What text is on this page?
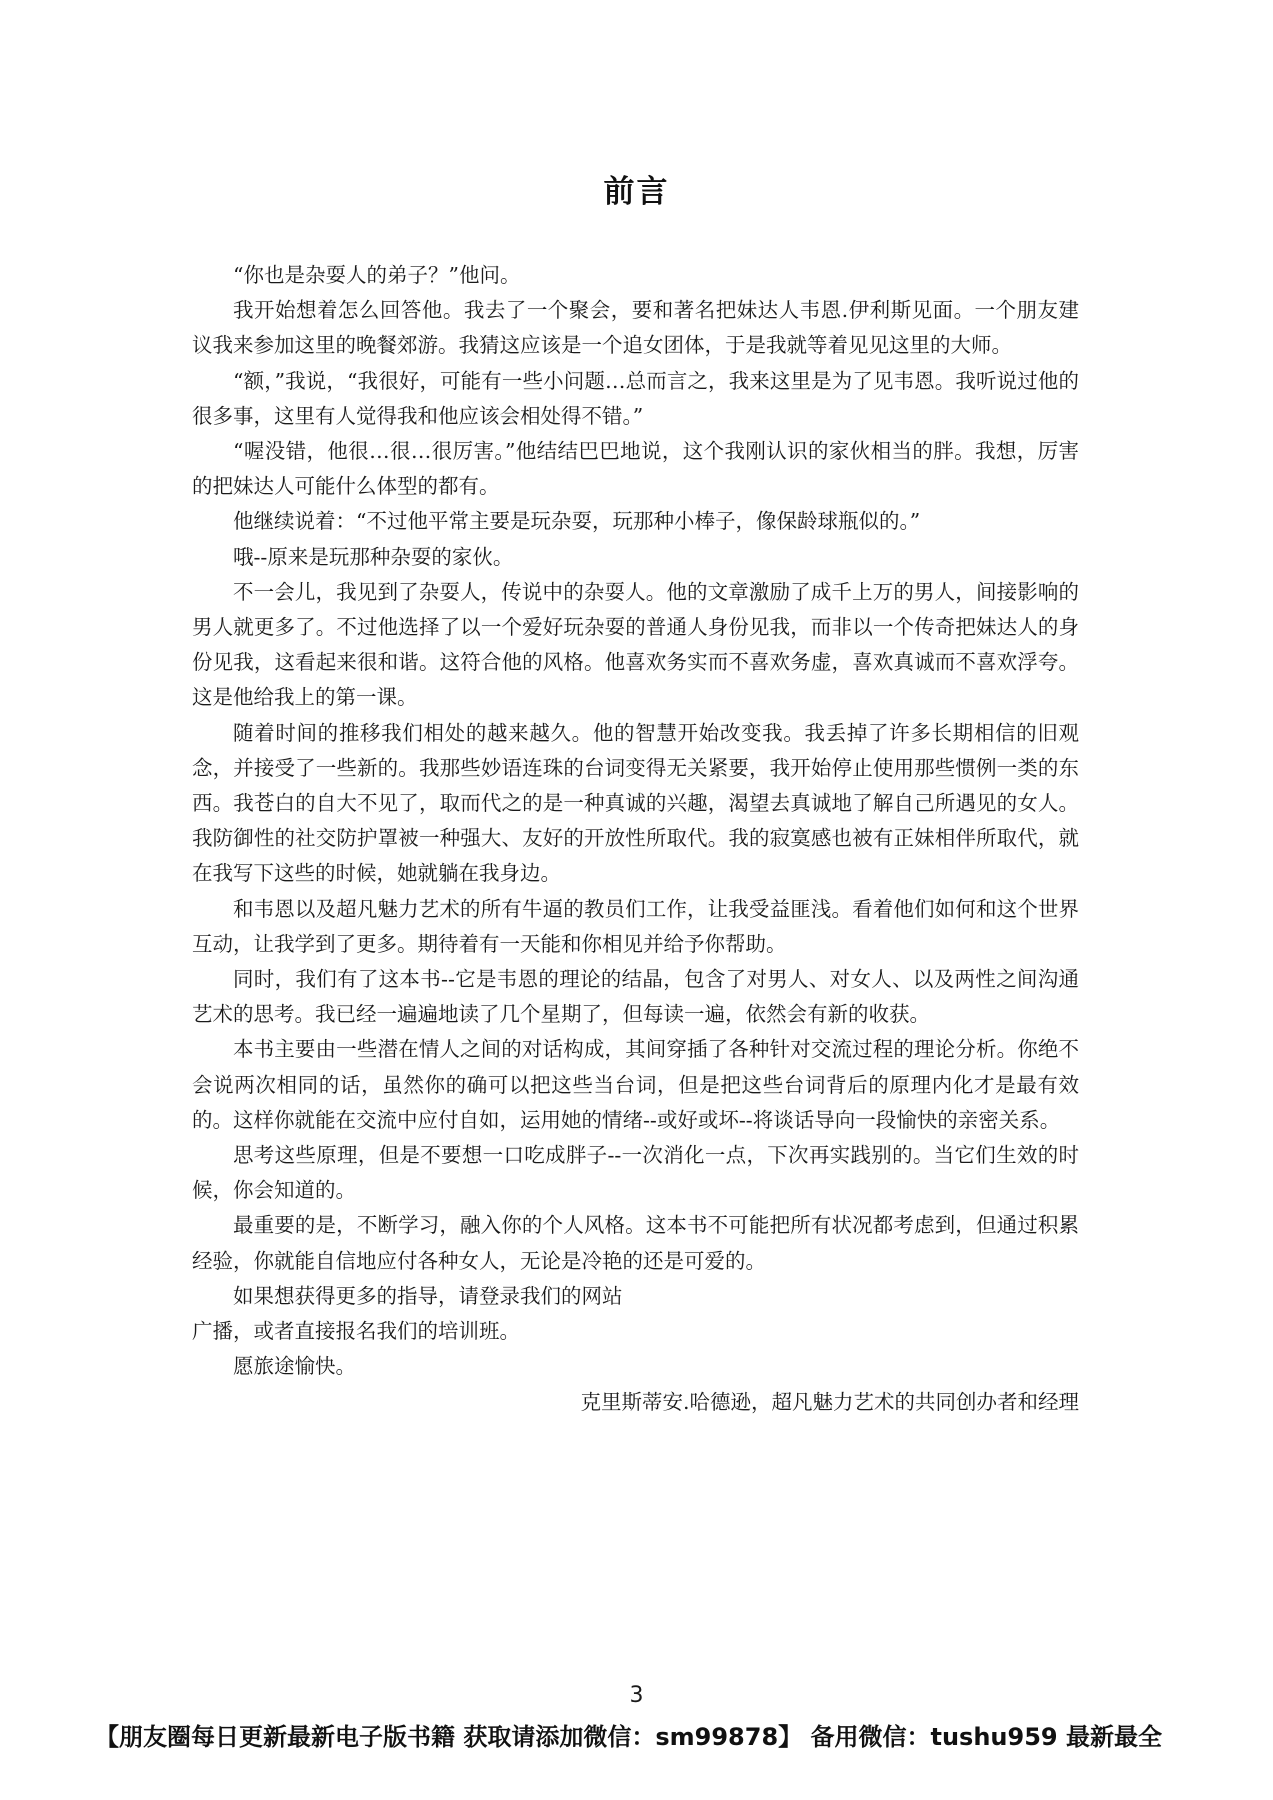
前言

“你也是杂耍人的弟子？”他问。

我开始想着怎么回答他。我去了一个聚会，要和著名把妹达人韦恩.伊利斯见面。一个朋友建议我来参加这里的晚餐郊游。我猜这应该是一个追女团体，于是我就等着见见这里的大师。

“额，”我说，“我很好，可能有一些小问题…总而言之，我来这里是为了见韦恩。我听说过他的很多事，这里有人觉得我和他应该会相处得不错。”

“喔没错，他很…很…很厉害。”他结结巴巴地说，这个我刚认识的家伙相当的胖。我想，厉害的把妹达人可能什么体型的都有。

他继续说着：“不过他平常主要是玩杂耍，玩那种小棒子，像保龄球瓶似的。”

哦--原来是玩那种杂耍的家伙。

不一会儿，我见到了杂耍人，传说中的杂耍人。他的文章激励了成千上万的男人，间接影响的男人就更多了。不过他选择了以一个爱好玩杂耍的普通人身份见我，而非以一个传奇把妹达人的身份见我，这看起来很和谐。这符合他的风格。他喜欢务实而不喜欢务虚，喜欢真诚而不喜欢浮夸。这是他给我上的第一课。

随着时间的推移我们相处的越来越久。他的智慧开始改变我。我丢掉了许多长期相信的旧观念，并接受了一些新的。我那些妙语连珠的台词变得无关紧要，我开始停止使用那些惯例一类的东西。我苍白的自大不见了，取而代之的是一种真诚的兴趣，渴望去真诚地了解自己所遇见的女人。我防御性的社交防护罩被一种强大、友好的开放性所取代。我的寂寞感也被有正妹相伴所取代，就在我写下这些的时候，她就躺在我身边。

和韦恩以及超凡魅力艺术的所有牛逼的教员们工作，让我受益匪浅。看着他们如何和这个世界互动，让我学到了更多。期待着有一天能和你相见并给予你帮助。

同时，我们有了这本书--它是韦恩的理论的结晶，包含了对男人、对女人、以及两性之间沟通艺术的思考。我已经一遍遍地读了几个星期了，但每读一遍，依然会有新的收获。

本书主要由一些潜在情人之间的对话构成，其间穿插了各种针对交流过程的理论分析。你绝不会说两次相同的话，虽然你的确可以把这些当台词，但是把这些台词背后的原理内化才是最有效的。这样你就能在交流中应付自如，运用她的情绪--或好或坏--将谈话导向一段愉快的亲密关系。

思考这些原理，但是不要想一口吃成胖子--一次消化一点，下次再实践别的。当它们生效的时候，你会知道的。

最重要的是，不断学习，融入你的个人风格。这本书不可能把所有状况都考虑到，但通过积累经验，你就能自信地应付各种女人，无论是冷艳的还是可爱的。

如果想获得更多的指导，请登录我们的网站

广播，或者直接报名我们的培训班。

愿旅途愉快。

克里斯蒂安.哈德逊，超凡魅力艺术的共同创办者和经理

3
【朋友圈每日更新最新电子版书籍 获取请添加微信：sm99878】 备用微信：tushu959 最新最全
